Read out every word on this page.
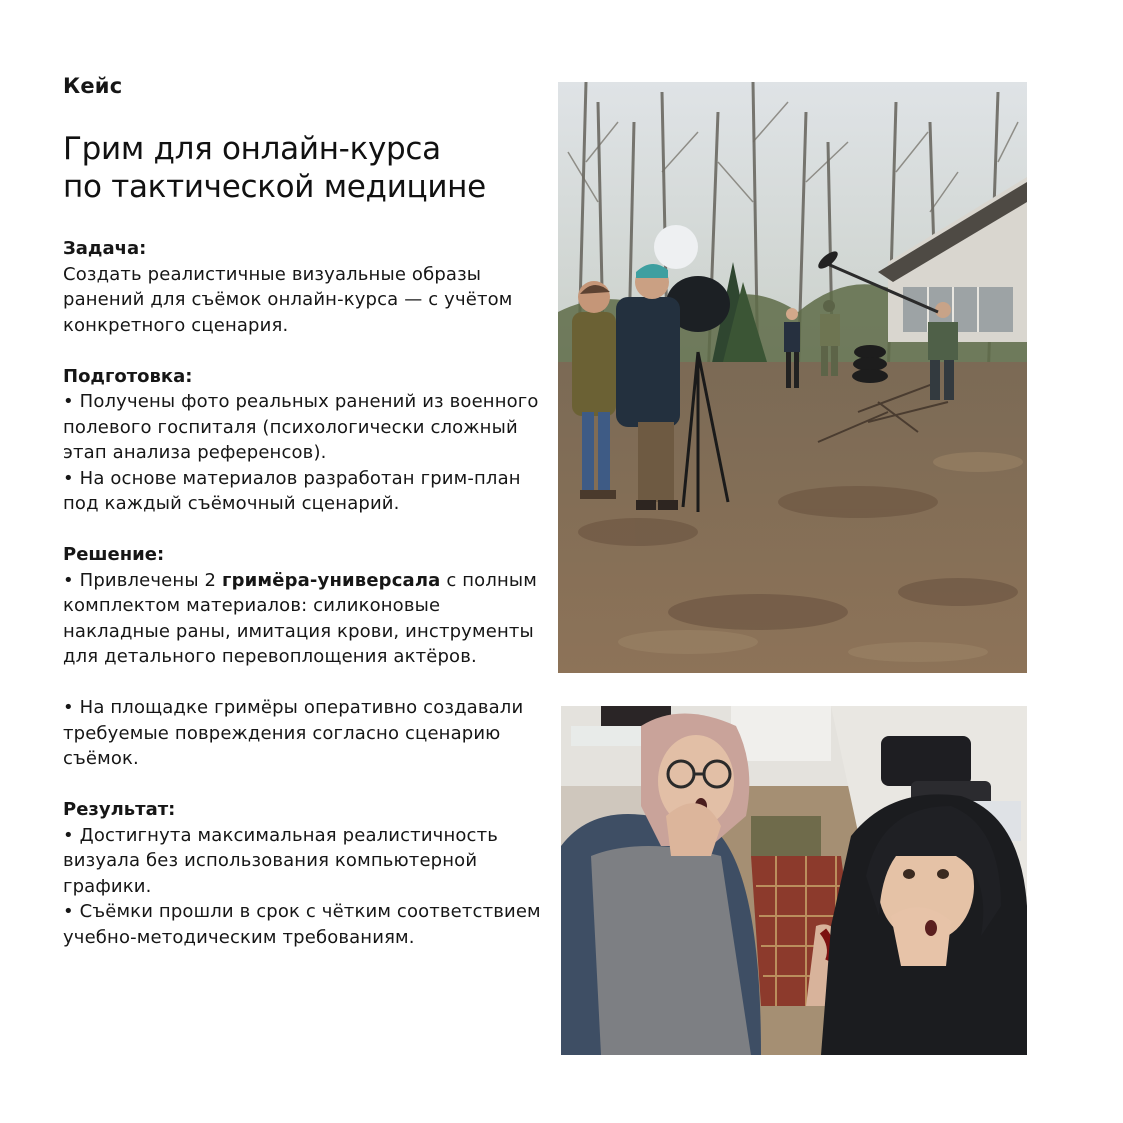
Кейс
Грим для онлайн-курса
по тактической медицине
Задача:

Создать реалистичные визуальные образы ранений для съёмок онлайн-курса — с учётом конкретного сценария.

Подготовка:

• Получены фото реальных ранений из военного полевого госпиталя (психологически сложный этап анализа референсов).

• На основе материалов разработан грим-план под каждый съёмочный сценарий.

Решение:

• Привлечены 2 гримёра-универсала с полным комплектом материалов: силиконовые накладные раны, имитация крови, инструменты для детального перевоплощения актёров.

• На площадке гримёры оперативно создавали требуемые повреждения согласно сценарию съёмок.

Результат:

• Достигнута максимальная реалистичность визуала без использования компьютерной графики.

• Съёмки прошли в срок с чётким соответствием учебно-методическим требованиям.
